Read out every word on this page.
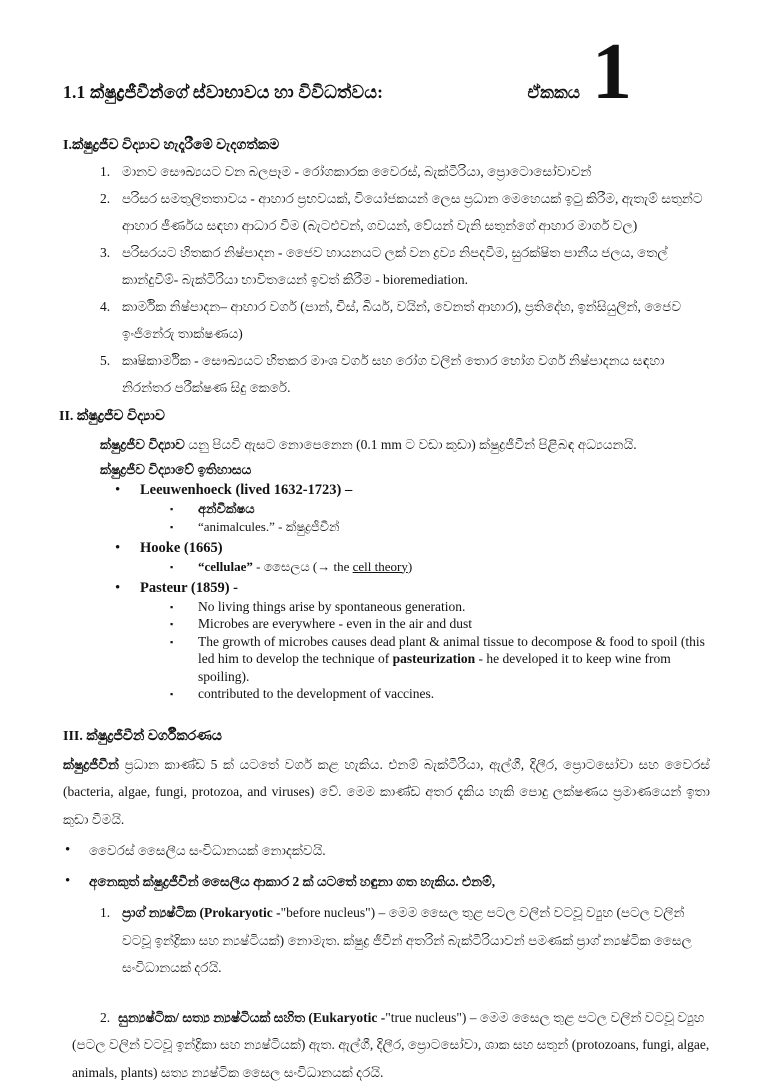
1.1 ක්ෂුද්‍රජීවීන්ගේ ස්වාභාවය හා විවිධත්වය:	ඒකකය 1
I.ක්ෂුද්‍රජීව විද්‍යාව හැදෑරීමේ වැදගත්කම
1. මානව සෞඛ්‍යයට වන බලපෑම - රෝගකාරක වෛරස්, බැක්ටීරියා, ප්‍රොටොසෝවාවන්
2. පරිසර සමතුලිතතාවය - ආහාර ප්‍රභවයක්, වියෝජකයන් ලෙස ප්‍රධාන මෙහෙයක් ඉටු කිරීම, ඇතැම් සතුන්ට ආහාර ජීර්ණය සඳහා ආධාර වීම (බැටළුවන්, ගවයන්, වේයන් වැනි සතුන්ගේ ආහාර මාර්ග වල)
3. පරිසරයට හිතකර නිෂ්පාදන - ජෛව හායනයට ලක් වන ද්‍රව්‍ය නිපදවීම, සුරක්ෂිත පානීය ජලය, තෙල් කාන්දුවීම්- බැක්ටීරියා භාවිතයෙන් ඉවත් කිරීම - bioremediation.
4. කාර්මික නිෂ්පාදන– ආහාර වර්ග (පාන්, චීස්, බියර්, වයින්, වෙනත් ආහාර), ප්‍රතිදේහ, ඉන්සියුලින්, ජෛව ඉංජිනේරු තාක්ෂණය)
5. කෘෂිකාර්මික - සෞඛ්‍යයට හිතකර මාංශ වර්ග සහ රෝග වලින් තොර භෝග වර්ග නිෂ්පාදනය සඳහා නිරන්තර පරීක්ෂණ සිදු කෙරේ.
II. ක්ෂුද්‍රජීව විද්‍යාව

ක්ෂුද්‍රජීව විද්‍යාව යනු පියවි ඇසට නොපෙනෙන (0.1 mm ට වඩා කුඩා) ක්ෂුද්‍රජීවීන් පිළිබඳ අධ්‍යයනයි.

ක්ෂුද්‍රජීව විද්‍යාවේ ඉතිහාසය

• Leeuwenhoeck (lived 1632-1723) –
▪ අන්වීක්ෂය
▪ “animalcules.” - ක්ෂුද්‍රජීවීන්
• Hooke (1665)
▪ “cellulae” - සෛලය (→ the cell theory)
• Pasteur (1859) -
▪ No living things arise by spontaneous generation.
▪ Microbes are everywhere - even in the air and dust
▪ The growth of microbes causes dead plant & animal tissue to decompose & food to spoil (this led him to develop the technique of pasteurization - he developed it to keep wine from spoiling).
▪ contributed to the development of vaccines.
III. ක්ෂුද්‍රජීවීන් වර්ගීකරණය

ක්ෂුද්‍රජීවීන් ප්‍රධාන කාණ්ඩ 5 ක් යටතේ වර්ග කළ හැකිය. එනම් බැක්ටීරියා, ඇල්ගී, දිලීර, ප්‍රොටසෝවා සහ වෛරස් (bacteria, algae, fungi, protozoa, and viruses) වේ. මෙම කාණ්ඩ අතර දැකිය හැකි පොදු ලක්ෂණය ප්‍රමාණයෙන් ඉතා කුඩා වීමයි.

• වෛරස් සෛලීය සංවිධානයක් නොදක්වයි.
• අනෙකුත් ක්ෂුද්‍රජීවීන් සෛලීය ආකාර 2 ක් යටතේ හඳුනා ගත හැකිය. එනම්,
1. ප්‍රාග් න්‍යෂ්ටික (Prokaryotic -"before nucleus") – මෙම සෛල තුළ පටල වලින් වටවූ ව්‍යුහ (පටල වලින් වටවූ ඉන්ද්‍රිකා සහ න්‍යෂ්ටියක්) නොමැත. ක්ෂුද්‍ර ජීවීන් අතරින් බැක්ටීරියාවන් පමණක් ප්‍රාග් න්‍යෂ්ටික සෛල සංවිධානයක් දරයි.
2. සුන්‍යෂ්ටික/ සත්‍ය න්‍යෂ්ටියක් සහිත (Eukaryotic -"true nucleus") – මෙම සෛල තුළ පටල වලින් වටවූ ව්‍යුහ (පටල වලින් වටවූ ඉන්ද්‍රිකා සහ න්‍යෂ්ටියක්) ඇත. ඇල්ගී, දිලීර, ප්‍රොටසෝවා, ශාක සහ සතුන් (protozoans, fungi, algae, animals, plants) සත්‍ය න්‍යෂ්ටික සෛල සංවිධානයක් දරයි.
